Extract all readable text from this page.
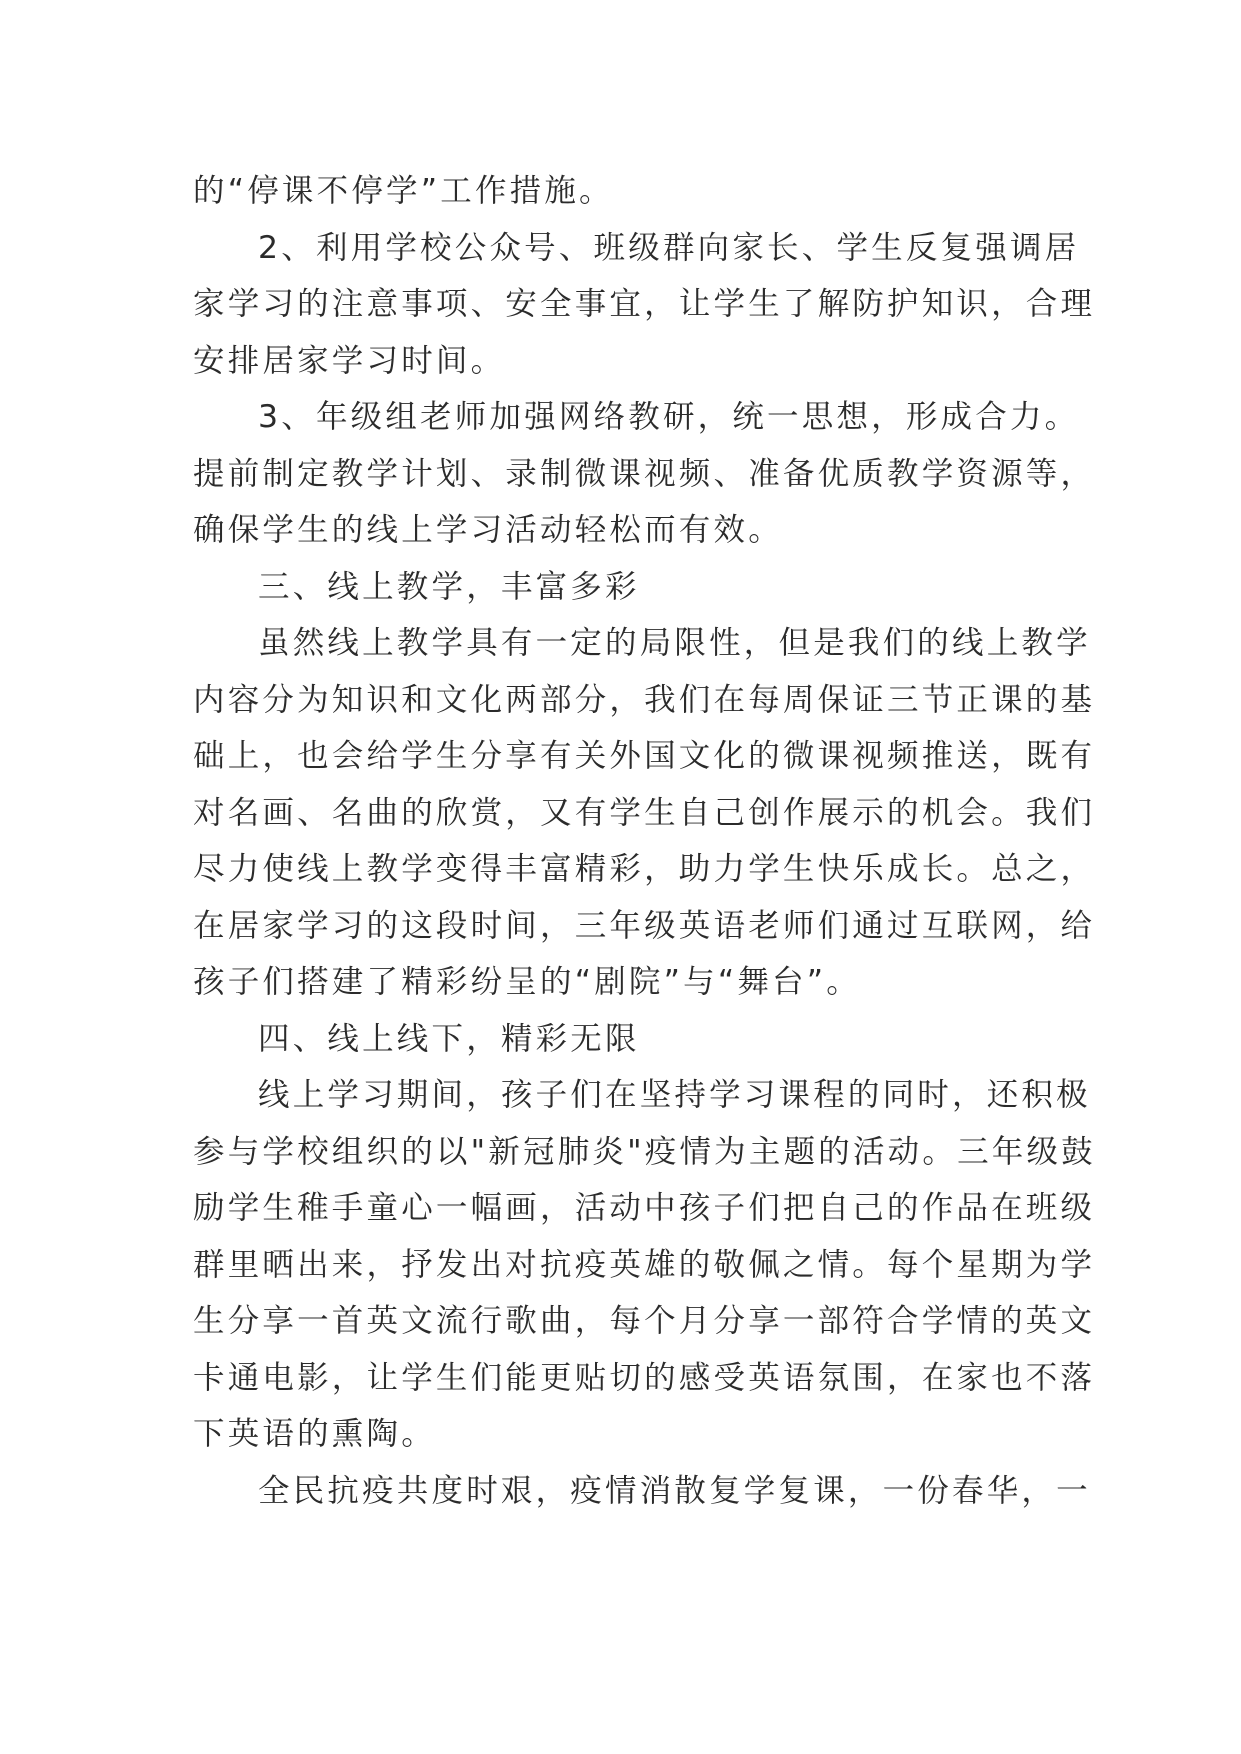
的“停课不停学”工作措施。
2、利用学校公众号、班级群向家长、学生反复强调居
家学习的注意事项、安全事宜，让学生了解防护知识，合理
安排居家学习时间。
3、年级组老师加强网络教研，统一思想，形成合力。
提前制定教学计划、录制微课视频、准备优质教学资源等，
确保学生的线上学习活动轻松而有效。
三、线上教学，丰富多彩
虽然线上教学具有一定的局限性，但是我们的线上教学
内容分为知识和文化两部分，我们在每周保证三节正课的基
础上，也会给学生分享有关外国文化的微课视频推送，既有
对名画、名曲的欣赏，又有学生自己创作展示的机会。我们
尽力使线上教学变得丰富精彩，助力学生快乐成长。总之，
在居家学习的这段时间，三年级英语老师们通过互联网，给
孩子们搭建了精彩纷呈的“剧院”与“舞台”。
四、线上线下，精彩无限
线上学习期间，孩子们在坚持学习课程的同时，还积极
参与学校组织的以"新冠肺炎"疫情为主题的活动。三年级鼓
励学生稚手童心一幅画，活动中孩子们把自己的作品在班级
群里晒出来，抒发出对抗疫英雄的敬佩之情。每个星期为学
生分享一首英文流行歌曲，每个月分享一部符合学情的英文
卡通电影，让学生们能更贴切的感受英语氛围，在家也不落
下英语的熏陶。
全民抗疫共度时艰，疫情消散复学复课，一份春华，一
